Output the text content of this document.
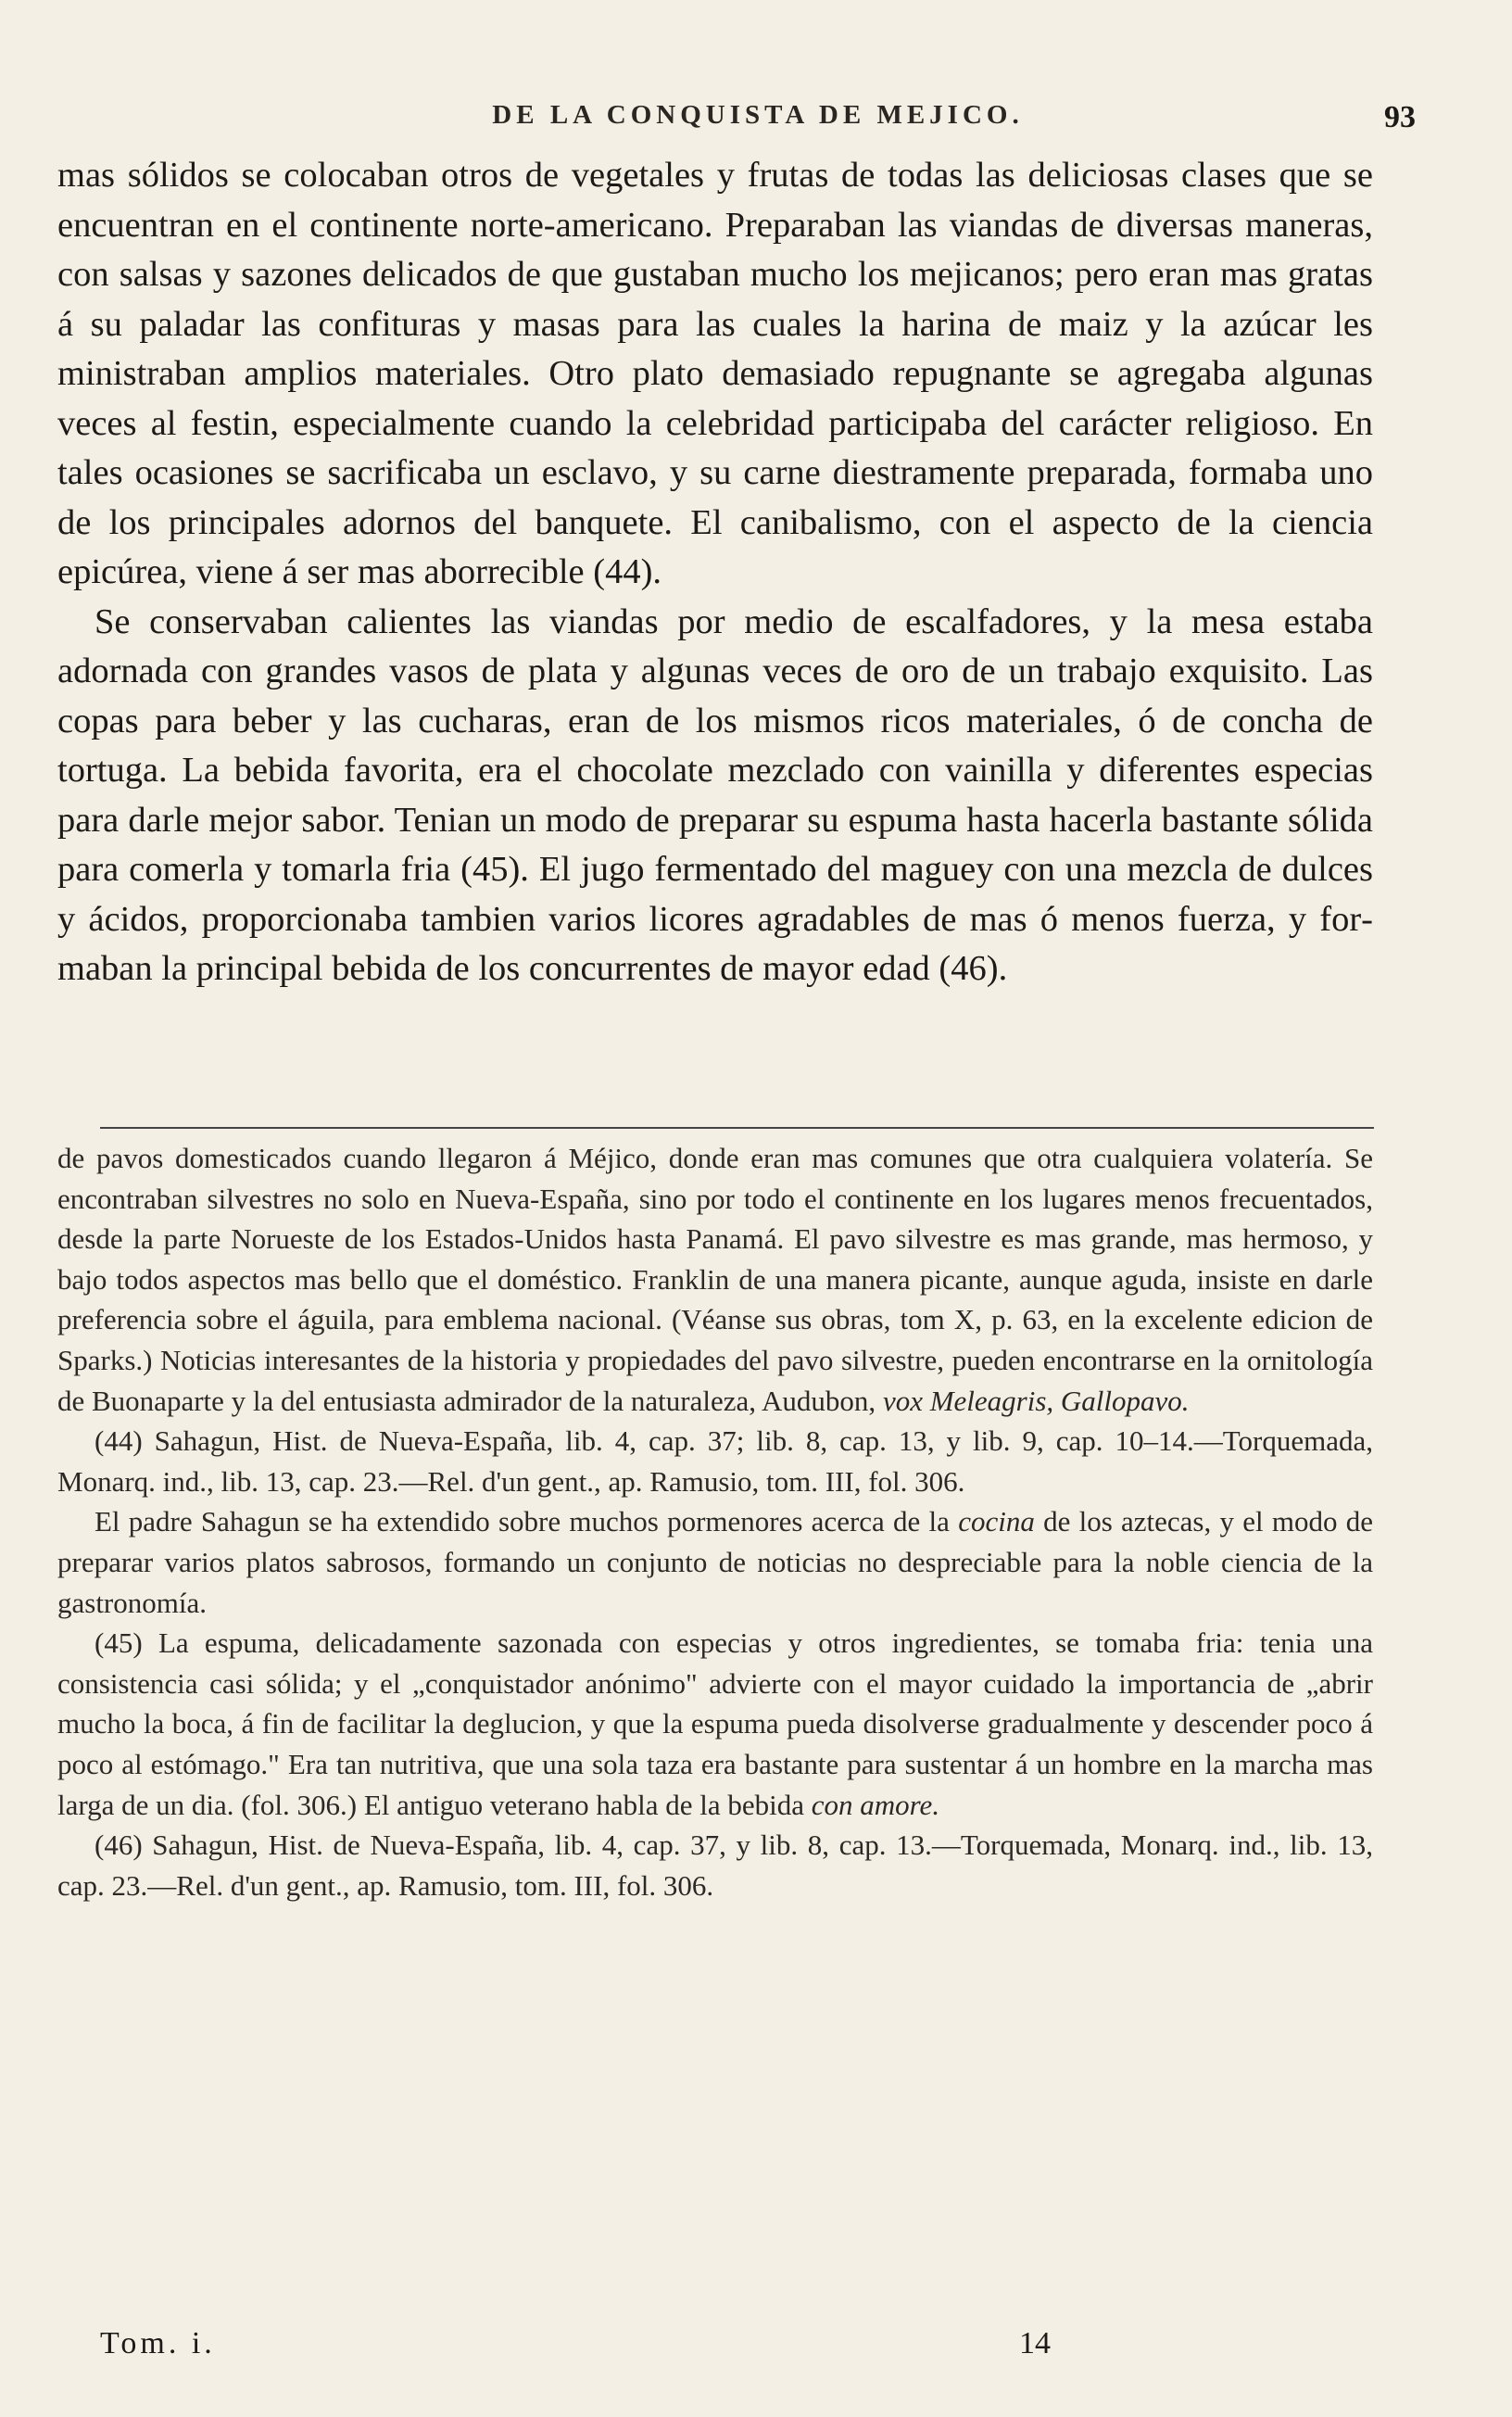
DE LA CONQUISTA DE MEJICO.	93

mas sólidos se colocaban otros de vegetales y frutas de todas las deliciosas clases que se encuentran en el continente norte-americano. Preparaban las viandas de diversas maneras, con salsas y sazones delicados de que gustaban mucho los mejicanos; pero eran mas gratas á su paladar las confituras y masas para las cuales la harina de maiz y la azúcar les ministraban amplios materiales. Otro plato demasiado repugnante se agregaba algunas veces al festin, especialmente cuando la celebridad participaba del carácter religioso. En tales ocasiones se sacrificaba un esclavo, y su carne diestramente preparada, formaba uno de los principales adornos del banquete. El canibalismo, con el aspecto de la ciencia epicúrea, viene á ser mas aborrecible (44).

Se conservaban calientes las viandas por medio de escalfadores, y la mesa estaba adornada con grandes vasos de plata y algunas veces de oro de un trabajo exquisito. Las copas para beber y las cucharas, eran de los mismos ricos materiales, ó de concha de tortuga. La bebida favorita, era el chocolate mezclado con vainilla y diferentes especias para darle mejor sabor. Tenian un modo de preparar su espuma hasta hacerla bastante sólida para comerla y tomarla fria (45). El jugo fermentado del maguey con una mezcla de dulces y ácidos, proporcionaba tambien varios licores agradables de mas ó menos fuerza, y formaban la principal bebida de los concurrentes de mayor edad (46).

de pavos domesticados cuando llegaron á Méjico, donde eran mas comunes que otra cualquiera volatería. Se encontraban silvestres no solo en Nueva-España, sino por todo el continente en los lugares menos frecuentados, desde la parte Norueste de los Estados-Unidos hasta Panamá. El pavo silvestre es mas grande, mas hermoso, y bajo todos aspectos mas bello que el doméstico. Franklin de una manera picante, aunque aguda, insiste en darle preferencia sobre el águila, para emblema nacional. (Véanse sus obras, tom X, p. 63, en la excelente edicion de Sparks.) Noticias interesantes de la historia y propiedades del pavo silvestre, pueden encontrarse en la ornitología de Buonaparte y la del entusiasta admirador de la naturaleza, Audubon, vox Meleagris, Gallopavo.

(44) Sahagun, Hist. de Nueva-España, lib. 4, cap. 37; lib. 8, cap. 13, y lib. 9, cap. 10–14.—Torquemada, Monarq. ind., lib. 13, cap. 23.—Rel. d'un gent., ap. Ramusio, tom. III, fol. 306.

El padre Sahagun se ha extendido sobre muchos pormenores acerca de la cocina de los aztecas, y el modo de preparar varios platos sabrosos, formando un conjunto de noticias no despreciable para la noble ciencia de la gastronomía.

(45) La espuma, delicadamente sazonada con especias y otros ingredientes, se tomaba fria: tenia una consistencia casi sólida; y el „conquistador anónimo" advierte con el mayor cuidado la importancia de „abrir mucho la boca, á fin de facilitar la deglucion, y que la espuma pueda disolverse gradualmente y descender poco á poco al estómago." Era tan nutritiva, que una sola taza era bastante para sustentar á un hombre en la marcha mas larga de un dia. (fol. 306.) El antiguo veterano habla de la bebida con amore.

(46) Sahagun, Hist. de Nueva-España, lib. 4, cap. 37, y lib. 8, cap. 13.—Torquemada, Monarq. ind., lib. 13, cap. 23.—Rel. d'un gent., ap. Ramusio, tom. III, fol. 306.

Tom. i.	14
